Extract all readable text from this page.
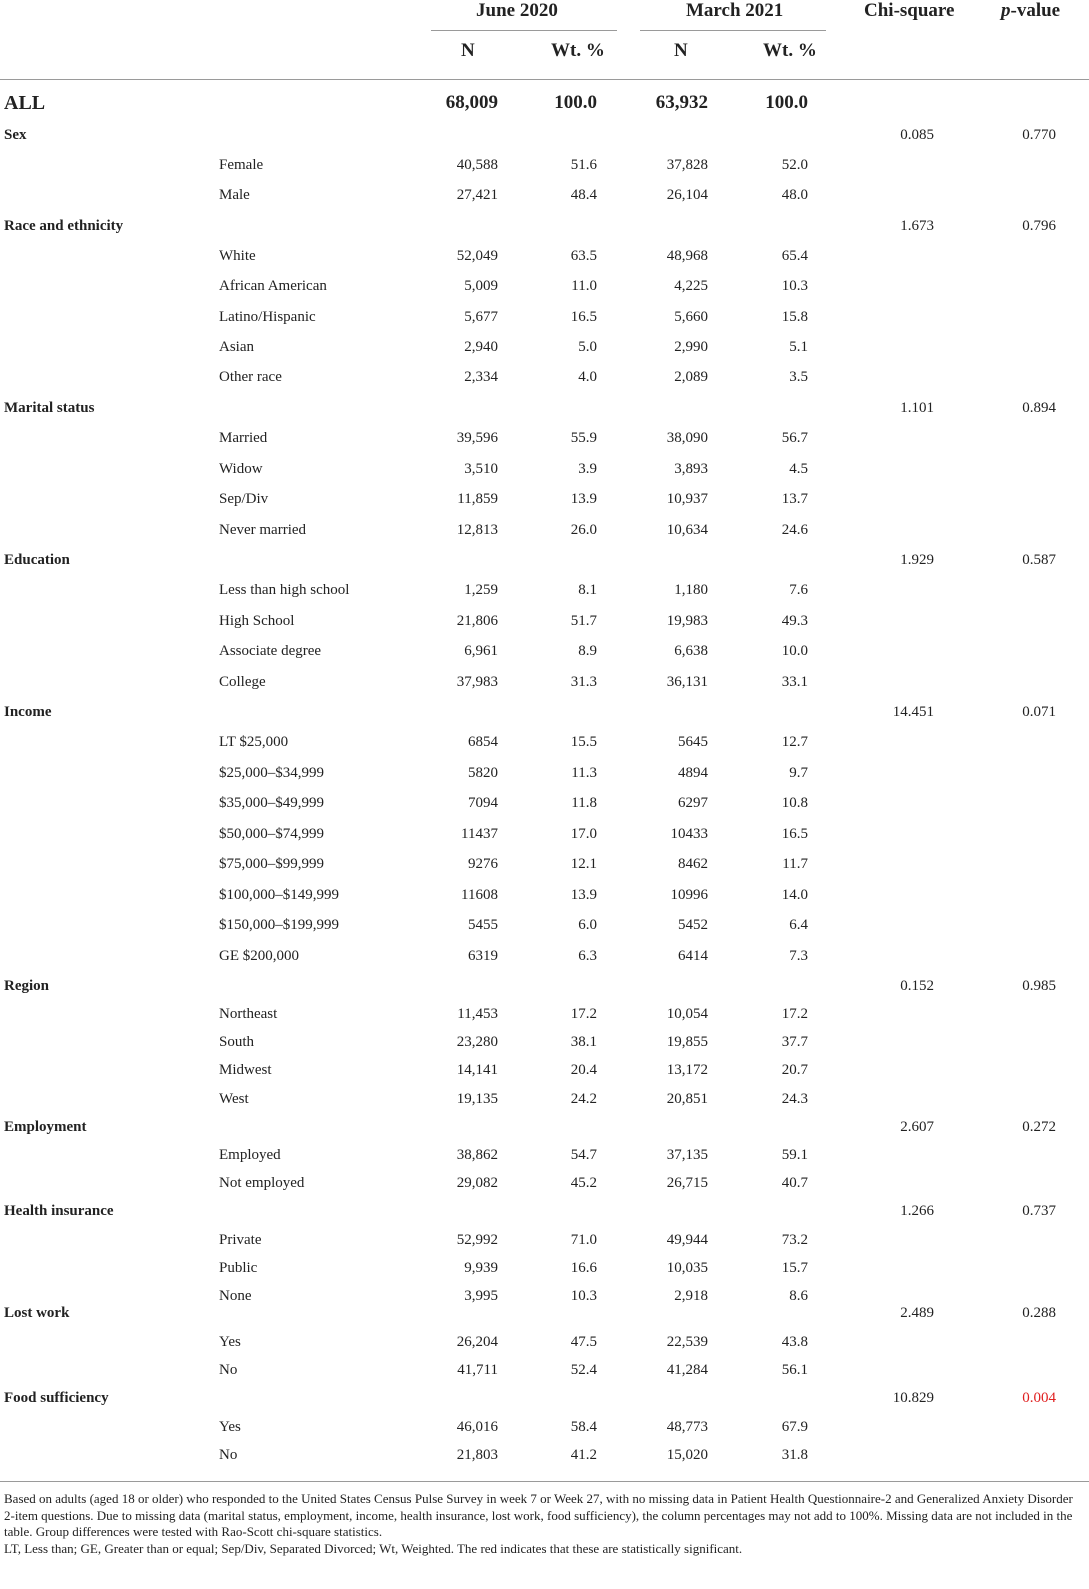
June 2020	March 2021	Chi-square p-value
N	Wt. %	N	Wt. %
ALL	68,009	100.0	63,932	100.0
Sex	0.085	0.770
Female	40,588	51.6	37,828	52.0
Male	27,421	48.4	26,104	48.0
Race and ethnicity	1.673	0.796
White	52,049	63.5	48,968	65.4
African American	5,009	11.0	4,225	10.3
Latino/Hispanic	5,677	16.5	5,660	15.8
Asian	2,940	5.0	2,990	5.1
Other race	2,334	4.0	2,089	3.5
Marital status	1.101	0.894
Married	39,596	55.9	38,090	56.7
Widow	3,510	3.9	3,893	4.5
Sep/Div	11,859	13.9	10,937	13.7
Never married	12,813	26.0	10,634	24.6
Education	1.929	0.587
Less than high school	1,259	8.1	1,180	7.6
High School	21,806	51.7	19,983	49.3
Associate degree	6,961	8.9	6,638	10.0
College	37,983	31.3	36,131	33.1
Income	14.451	0.071
LT $25,000	6854	15.5	5645	12.7
$25,000–$34,999	5820	11.3	4894	9.7
$35,000–$49,999	7094	11.8	6297	10.8
$50,000–$74,999	11437	17.0	10433	16.5
$75,000–$99,999	9276	12.1	8462	11.7
$100,000–$149,999	11608	13.9	10996	14.0
$150,000–$199,999	5455	6.0	5452	6.4
GE $200,000	6319	6.3	6414	7.3
Region	0.152	0.985
Northeast	11,453	17.2	10,054	17.2
South	23,280	38.1	19,855	37.7
Midwest	14,141	20.4	13,172	20.7
West	19,135	24.2	20,851	24.3
Employment	2.607	0.272
Employed	38,862	54.7	37,135	59.1
Not employed	29,082	45.2	26,715	40.7
Health insurance	1.266	0.737
Private	52,992	71.0	49,944	73.2
Public	9,939	16.6	10,035	15.7
None	3,995	10.3	2,918	8.6
Lost work	2.489	0.288
Yes	26,204	47.5	22,539	43.8
No	41,711	52.4	41,284	56.1
Food sufficiency	10.829	0.004
Yes	46,016	58.4	48,773	67.9
No	21,803	41.2	15,020	31.8

Based on adults (aged 18 or older) who responded to the United States Census Pulse Survey in week 7 or Week 27, with no missing data in Patient Health Questionnaire-2 and Generalized Anxiety Disorder 2-item questions. Due to missing data (marital status, employment, income, health insurance, lost work, food sufficiency), the column percentages may not add to 100%. Missing data are not included in the table. Group differences were tested with Rao-Scott chi-square statistics.

LT, Less than; GE, Greater than or equal; Sep/Div, Separated Divorced; Wt, Weighted. The red indicates that these are statistically significant.
